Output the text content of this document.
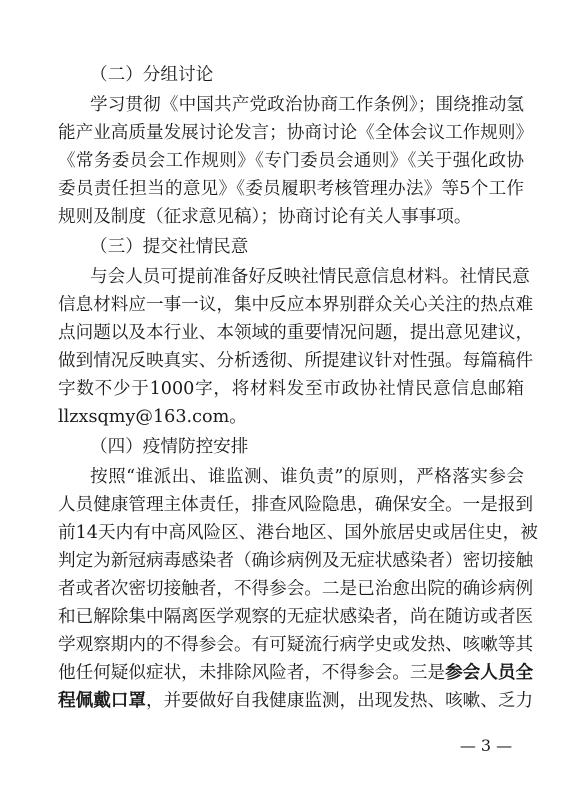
（二）分组讨论
学习贯彻《中国共产党政治协商工作条例》；围绕推动氢
能产业高质量发展讨论发言；协商讨论《全体会议工作规则》
《常务委员会工作规则》《专门委员会通则》《关于强化政协
委员责任担当的意见》《委员履职考核管理办法》等5个工作
规则及制度（征求意见稿）；协商讨论有关人事事项。
（三）提交社情民意
与会人员可提前准备好反映社情民意信息材料。社情民意
信息材料应一事一议，集中反应本界别群众关心关注的热点难
点问题以及本行业、本领域的重要情况问题，提出意见建议，
做到情况反映真实、分析透彻、所提建议针对性强。每篇稿件
字数不少于1000字，将材料发至市政协社情民意信息邮箱
llzxsqmy@163.com。
（四）疫情防控安排
按照“谁派出、谁监测、谁负责”的原则，严格落实参会
人员健康管理主体责任，排查风险隐患，确保安全。一是报到
前14天内有中高风险区、港台地区、国外旅居史或居住史，被
判定为新冠病毒感染者（确诊病例及无症状感染者）密切接触
者或者次密切接触者，不得参会。二是已治愈出院的确诊病例
和已解除集中隔离医学观察的无症状感染者，尚在随访或者医
学观察期内的不得参会。有可疑流行病学史或发热、咳嗽等其
他任何疑似症状，未排除风险者，不得参会。三是参会人员全
程佩戴口罩，并要做好自我健康监测，出现发热、咳嗽、乏力
— 3 —
